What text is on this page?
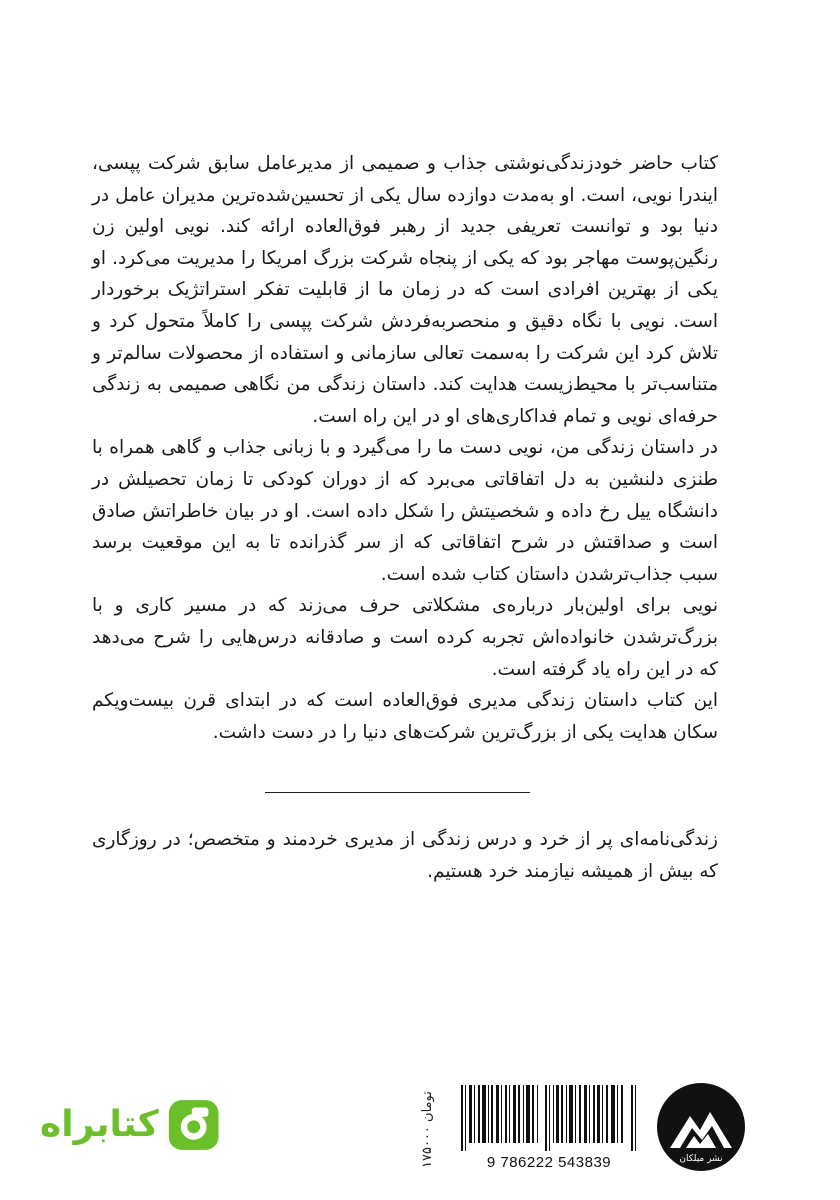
کتاب حاضر خودزندگی‌نوشتی جذاب و صمیمی از مدیرعامل سابق شرکت پپسی، ایندرا نویی، است. او به‌مدت دوازده سال یکی از تحسین‌شده‌ترین مدیران عامل در دنیا بود و توانست تعریفی جدید از رهبر فوق‌العاده ارائه کند. نویی اولین زن رنگین‌پوست مهاجر بود که یکی از پنجاه شرکت بزرگ امریکا را مدیریت می‌کرد. او یکی از بهترین افرادی است که در زمان ما از قابلیت تفکر استراتژیک برخوردار است. نویی با نگاه دقیق و منحصربه‌فردش شرکت پپسی را کاملاً متحول کرد و تلاش کرد این شرکت را به‌سمت تعالی سازمانی و استفاده از محصولات سالم‌تر و متناسب‌تر با محیط‌زیست هدایت کند. داستان زندگی من نگاهی صمیمی به زندگی حرفه‌ای نویی و تمام فداکاری‌های او در این راه است.

در داستان زندگی من، نویی دست ما را می‌گیرد و با زبانی جذاب و گاهی همراه با طنزی دلنشین به دل اتفاقاتی می‌برد که از دوران کودکی تا زمان تحصیلش در دانشگاه ییل رخ داده و شخصیتش را شکل داده است. او در بیان خاطراتش صادق است و صداقتش در شرح اتفاقاتی که از سر گذرانده تا به این موقعیت برسد سبب جذاب‌ترشدن داستان کتاب شده است.

نویی برای اولین‌بار درباره‌ی مشکلاتی حرف می‌زند که در مسیر کاری و با بزرگ‌ترشدن خانواده‌اش تجربه کرده است و صادقانه درس‌هایی را شرح می‌دهد که در این راه یاد گرفته است.

این کتاب داستان زندگی مدیری فوق‌العاده است که در ابتدای قرن بیست‌ویکم سکان هدایت یکی از بزرگ‌ترین شرکت‌های دنیا را در دست داشت.

زندگی‌نامه‌ای پر از خرد و درس زندگی از مدیری خردمند و متخصص؛ در روزگاری که بیش از همیشه نیازمند خرد هستیم.

نشر میلکان
9 786222 543839
۱۷۵۰۰۰ تومان
کتابراه
